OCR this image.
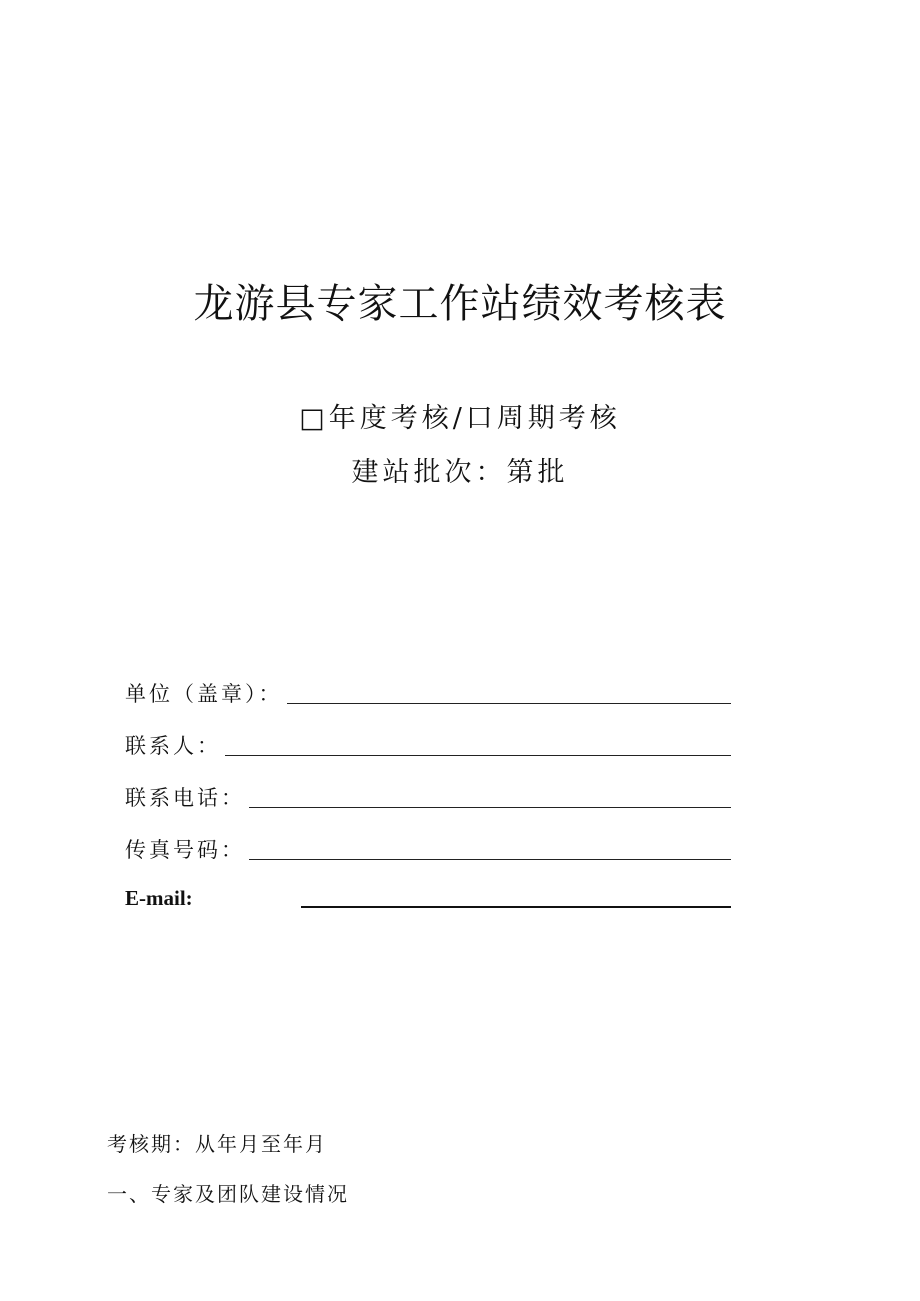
龙游县专家工作站绩效考核表
□年度考核/口周期考核
建站批次：第批
单位（盖章）：
联系人：
联系电话：
传真号码：
E-mail:
考核期：从年月至年月
一、专家及团队建设情况
